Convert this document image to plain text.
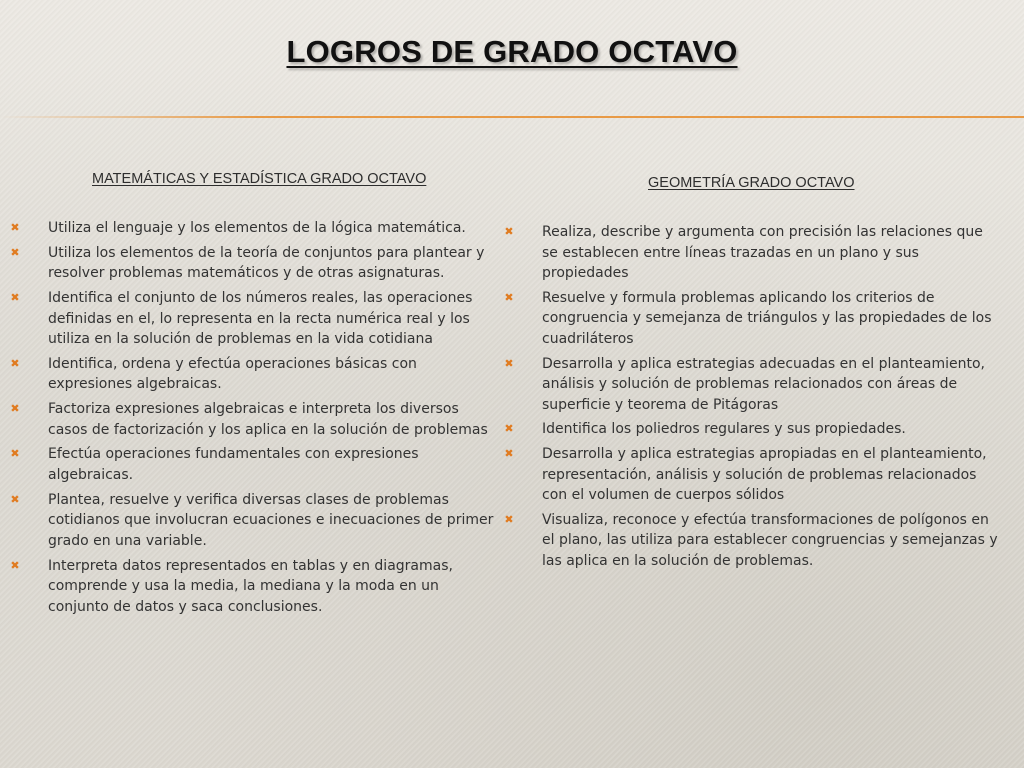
LOGROS DE GRADO OCTAVO
MATEMÁTICAS Y ESTADÍSTICA GRADO OCTAVO
✖ Utiliza el lenguaje y los elementos de la lógica matemática.
✖ Utiliza los elementos de la teoría de conjuntos para plantear y resolver problemas matemáticos y de otras asignaturas.
✖ Identifica el conjunto de los números reales, las operaciones definidas en el, lo representa en la recta numérica real y los utiliza en la solución de problemas en la vida cotidiana
✖ Identifica, ordena y efectúa operaciones básicas con expresiones algebraicas.
✖ Factoriza expresiones algebraicas e interpreta los diversos casos de factorización y los aplica en la solución de problemas
✖ Efectúa operaciones fundamentales con expresiones algebraicas.
✖ Plantea, resuelve y verifica diversas clases de problemas cotidianos que involucran ecuaciones e inecuaciones de primer grado en una variable.
✖ Interpreta datos representados en tablas y en diagramas, comprende y usa la media, la mediana y la moda en un conjunto de datos y saca conclusiones.
GEOMETRÍA GRADO OCTAVO
✖ Realiza, describe y argumenta con precisión las relaciones que se establecen entre líneas trazadas en un plano y sus propiedades
✖ Resuelve y formula problemas aplicando los criterios de congruencia y semejanza de triángulos y las propiedades de los cuadriláteros
✖ Desarrolla y aplica estrategias adecuadas en el planteamiento, análisis y solución de problemas relacionados con áreas de superficie y teorema de Pitágoras
✖ Identifica los poliedros regulares y sus propiedades.
✖ Desarrolla y aplica estrategias apropiadas en el planteamiento, representación, análisis y solución de problemas relacionados con el volumen de cuerpos sólidos
✖ Visualiza, reconoce y efectúa transformaciones de polígonos en el plano, las utiliza para establecer congruencias y semejanzas y las aplica en la solución de problemas.
